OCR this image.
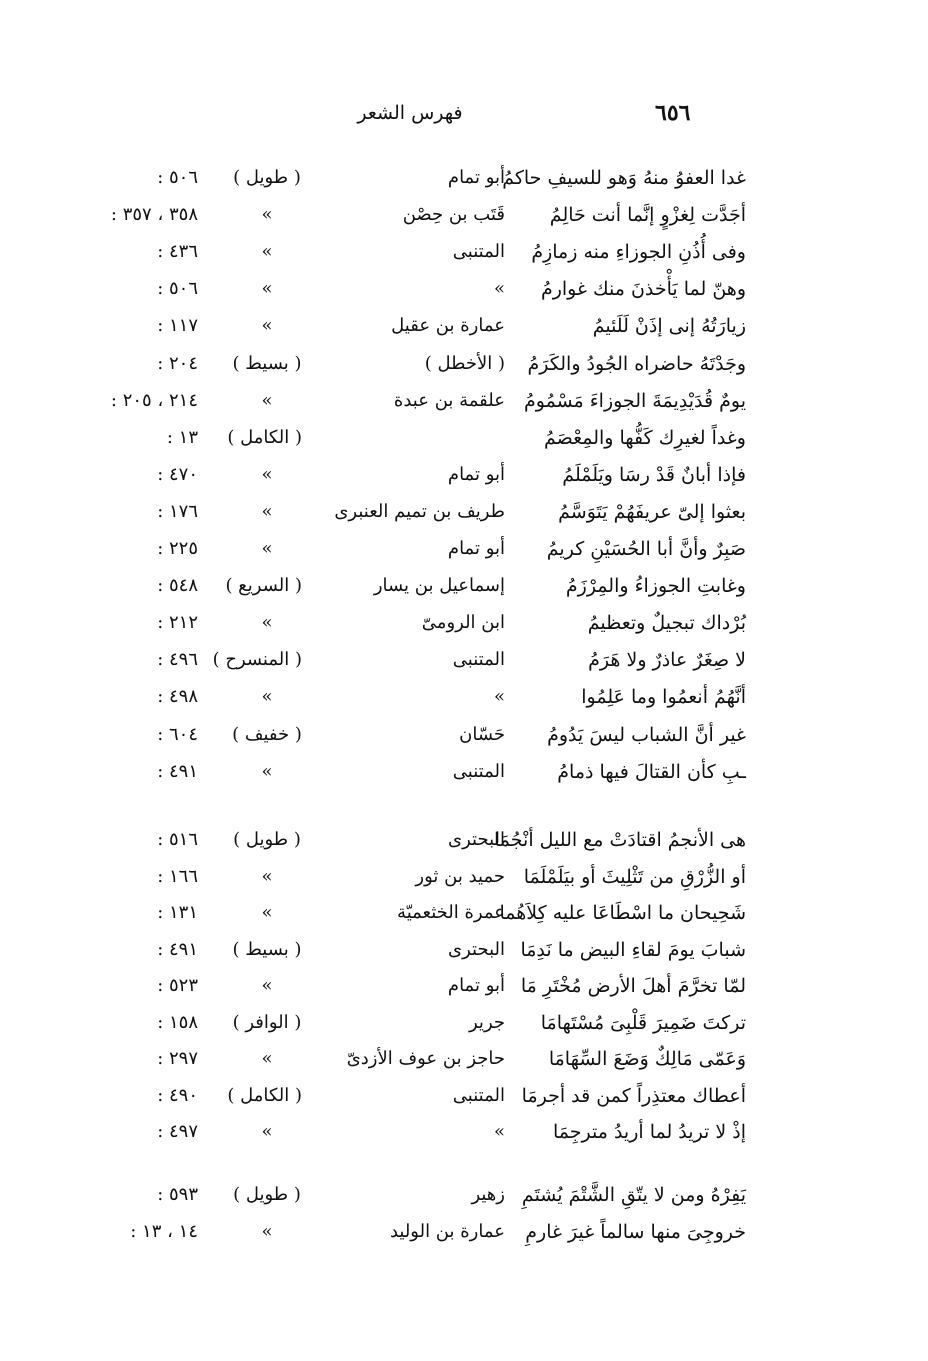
٦٥٦
فهرس الشعر
غدا العفوُ منهُ وَهو للسيفِ حاكمُ
أبو تمام
( طويل )
٥٠٦ :
أجَدَّت لِغزْوٍ إنَّما أنت حَالِمُ
قَتَب بن حِصْن
»
٣٥٨ ، ٣٥٧ :
وفى أُذُنِ الجوزاءِ منه زمازِمُ
المتنبى
»
٤٣٦ :
وهنّ لما يَأْخذنَ منك غوارمُ
»
»
٥٠٦ :
زيارَتُهُ إنى إذَنْ لَلَئيمُ
عمارة بن عقيل
»
١١٧ :
وجَدْتَهُ حاضراه الجُودُ والكَرَمُ
( الأخطل )
( بسيط )
٢٠٤ :
يومٌ قُدَيْدِيمَةَ الجوزاءَ مَسْمُومُ
علقمة بن عبدة
»
٢١٤ ، ٢٠٥ :
وغداً لغيرِك كَفُّها والمِعْصَمُ
( الكامل )
١٣ :
فإذا أبانٌ قَدْ رسَا ويَلَمْلَمُ
أبو تمام
»
٤٧٠ :
بعثوا إلىّ عريفَهُمْ يَتَوَسَّمُ
طريف بن تميم العنبرى
»
١٧٦ :
صَبِرٌ وأنَّ أبا الحُسَيْنِ كريمُ
أبو تمام
»
٢٢٥ :
وغابتِ الجوزاءُ والمِرْزَمُ
إسماعيل بن يسار
( السريع )
٥٤٨ :
بُرْداك تبجيلٌ وتعظيمُ
ابن الرومىّ
»
٢١٢ :
لا صِغَرٌ عاذرٌ ولا هَرَمُ
المتنبى
( المنسرح )
٤٩٦ :
أنَّهُمُ أنعمُوا وما عَلِمُوا
»
»
٤٩٨ :
غير أنَّ الشباب ليسَ يَدُومُ
حَسّان
( خفيف )
٦٠٤ :
ـبِ كأن القتالَ فيها ذمامُ
المتنبى
»
٤٩١ :
هى الأنجمُ اقتادَتْ مع الليل أنْجُمَا
البحترى
( طويل )
٥١٦ :
أو الزُّرْقِ من تَثْلِيثَ أو بيَلَمْلَمَا
حميد بن ثور
»
١٦٦ :
شَحِيحان ما اسْطَاعَا عليه كِلاَهُما
عمرة الخثعميّة
»
١٣١ :
شبابَ يومَ لقاءِ البيض ما نَدِمَا
البحترى
( بسيط )
٤٩١ :
لمّا تخرَّمَ أهلَ الأرض مُخْتَرِ مَا
أبو تمام
»
٥٢٣ :
تركتَ ضَمِيرَ قَلْبِىَ مُسْتَهامَا
جرير
( الوافر )
١٥٨ :
وَعَمّى مَالِكٌ وَضَعَ السِّهَامَا
حاجز بن عوف الأزدىّ
»
٢٩٧ :
أعطاك معتذِراً كمن قد أجرمَا
المتنبى
( الكامل )
٤٩٠ :
إذْ لا تريدُ لما أريدُ مترجِمَا
»
»
٤٩٧ :
يَفِرْهُ ومن لا يتّقِ الشَّتْمَ يُشتَمِ
زهير
( طويل )
٥٩٣ :
خروجِىَ منها سالماً غيرَ غارمِ
عمارة بن الوليد
»
١٤ ، ١٣ :
